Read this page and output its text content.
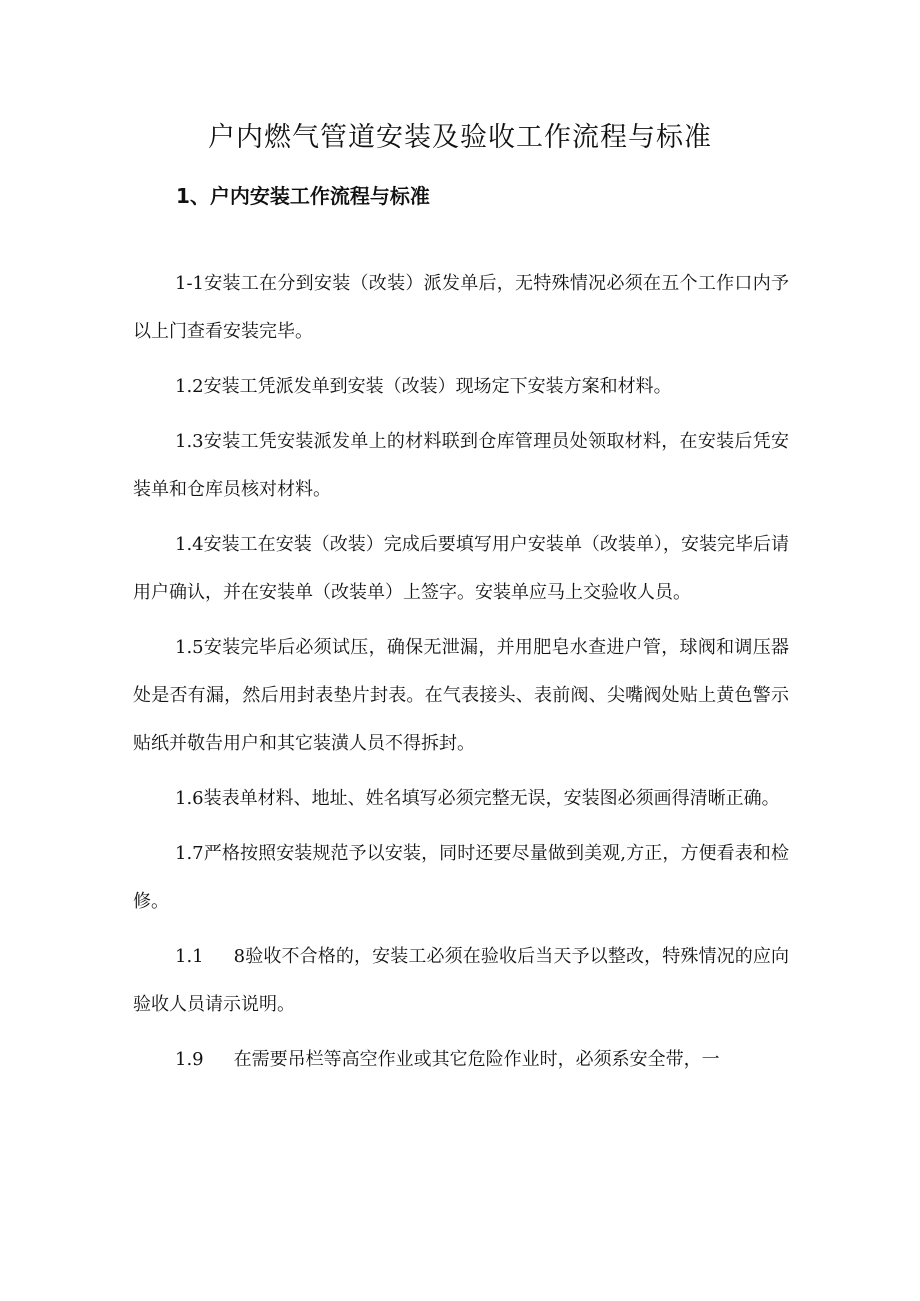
户内燃气管道安装及验收工作流程与标准
1、户内安装工作流程与标准

1-1安装工在分到安装（改装）派发单后，无特殊情况必须在五个工作口内予以上门查看安装完毕。

1.2安装工凭派发单到安装（改装）现场定下安装方案和材料。

1.3安装工凭安装派发单上的材料联到仓库管理员处领取材料，在安装后凭安装单和仓库员核对材料。

1.4安装工在安装（改装）完成后要填写用户安装单（改装单），安装完毕后请用户确认，并在安装单（改装单）上签字。安装单应马上交验收人员。

1.5安装完毕后必须试压，确保无泄漏，并用肥皂水查进户管，球阀和调压器处是否有漏，然后用封表垫片封表。在气表接头、表前阀、尖嘴阀处贴上黄色警示贴纸并敬告用户和其它装潢人员不得拆封。

1.6装表单材料、地址、姓名填写必须完整无误，安装图必须画得清晰正确。

1.7严格按照安装规范予以安装，同时还要尽量做到美观,方正，方便看表和检修。

1.1 8验收不合格的，安装工必须在验收后当天予以整改，特殊情况的应向验收人员请示说明。

1.9 在需要吊栏等高空作业或其它危险作业时，必须系安全带，一
